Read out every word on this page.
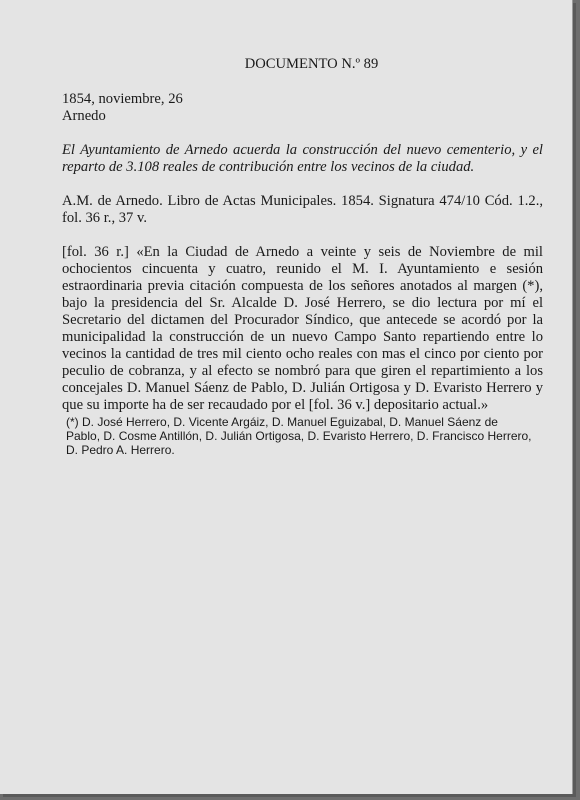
DOCUMENTO N.º 89

1854, noviembre, 26

Arnedo

El Ayuntamiento de Arnedo acuerda la construcción del nuevo cementerio, y el reparto de 3.108 reales de contribución entre los vecinos de la ciudad.

A.M. de Arnedo. Libro de Actas Municipales. 1854. Signatura 474/10 Cód. 1.2., fol. 36 r., 37 v.

[fol. 36 r.] «En la Ciudad de Arnedo a veinte y seis de Noviembre de mil ochocientos cincuenta y cuatro, reunido el M. I. Ayuntamiento e sesión estraordinaria previa citación compuesta de los señores anotados al margen (*), bajo la presidencia del Sr. Alcalde D. José Herrero, se dio lectura por mí el Secretario del dictamen del Procurador Síndico, que antecede se acordó por la municipalidad la construcción de un nuevo Campo Santo repartiendo entre lo vecinos la cantidad de tres mil ciento ocho reales con mas el cinco por ciento por peculio de cobranza, y al efecto se nombró para que giren el repartimiento a los concejales D. Manuel Sáenz de Pablo, D. Julián Ortigosa y D. Evaristo Herrero y que su importe ha de ser recaudado por el [fol. 36 v.] depositario actual.»

(*) D. José Herrero, D. Vicente Argáiz, D. Manuel Eguizabal, D. Manuel Sáenz de Pablo, D. Cosme Antillón, D. Julián Ortigosa, D. Evaristo Herrero, D. Francisco Herrero, D. Pedro A. Herrero.
